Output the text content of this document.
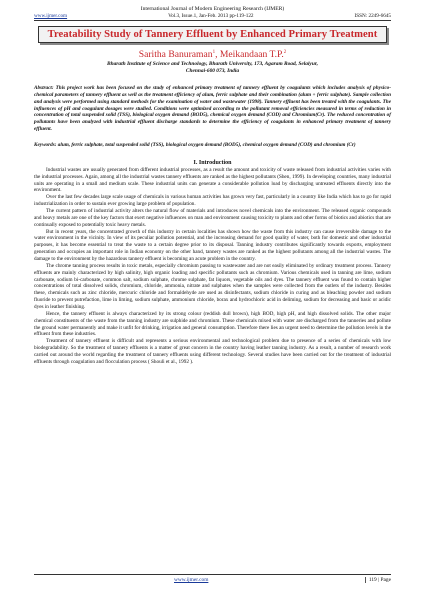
International Journal of Modern Engineering Research (IJMER)
www.ijmer.com	Vol.3, Issue.1, Jan-Feb. 2013 pp-119-122	ISSN: 2249-6645
Treatability Study of Tannery Effluent by Enhanced Primary Treatment
Saritha Banuraman$^1$, Meikandaan T.P.$^2$
Bharath Institute of Science and Technology, Bharath University, 173, Agaram Road, Selaiyur,
Chennai-600 073, India

Abstract: This project work has been focused on the study of enhanced primary treatment of tannery effluent by coagulants which includes analysis of physico-chemical parameters of tannery effluent as well as the treatment efficiency of alum, ferric sulphate and their combination (alum + ferric sulphate). Sample collection and analysis were performed using standard methods for the examination of water and wastewater (1998). Tannery effluent has been treated with the coagulants. The influences of pH and coagulant dosages were studied. Conditions were optimized according to the pollutant removal efficiencies measured in terms of reduction in concentration of total suspended solid (TSS), biological oxygen demand (BOD5), chemical oxygen demand (COD) and Chromium(Cr). The reduced concentration of pollutants have been analyzed with industrial effluent discharge standards to determine the efficiency of coagulants in enhanced primary treatment of tannery effluent.

Keywords: alum, ferric sulphate, total suspended solid (TSS), biological oxygen demand (BOD5), chemical oxygen demand (COD) and chromium (Cr)

I. Introduction

Industrial wastes are usually generated from different industrial processes, as a result the amount and toxicity of waste released from industrial activities varies with the industrial processes. Again, among all the industrial wastes tannery effluents are ranked as the highest pollutants (Shen, 1999). In developing countries, many industrial units are operating in a small and medium scale. These industrial units can generate a considerable pollution load by discharging untreated effluents directly into the environment.

Over the last few decades large scale usage of chemicals in various human activities has grown very fast, particularly in a country like India which has to go for rapid industrialization in order to sustain ever growing large problem of population.

The current pattern of industrial activity alters the natural flow of materials and introduces novel chemicals into the environment. The released organic compounds and heavy metals are one of the key factors that exert negative influences on man and environment causing toxicity to plants and other forms of biotics and abiotics that are continually exposed to potentially toxic heavy metals.

But in recent years, the concentrated growth of this industry in certain localities has shown how the waste from this industry can cause irreversible damage to the water environment in the vicinity. In view of its peculiar pollution potential, and the increasing demand for good quality of water, both for domestic and other industrial purposes, it has become essential to treat the waste to a certain degree prior to its disposal. Tanning industry contributes significantly towards exports, employment generation and occupies an important role in Indian economy on the other hand, tannery wastes are ranked as the highest pollutants among all the industrial wastes. The damage to the environment by the hazardous tannery effluent is becoming an acute problem in the country.

The chrome tanning process results in toxic metals, especially chromium passing to wastewater and are not easily eliminated by ordinary treatment process. Tannery effluents are mainly characterized by high salinity, high organic loading and specific pollutants such as chromium. Various chemicals used in tanning are lime, sodium carbonate, sodium bi-carbonate, common salt, sodium sulphate, chrome sulphate, fat liquors, vegetable oils and dyes. The tannery effluent was found to contain higher concentrations of total dissolved solids, chromium, chloride, ammonia, nitrate and sulphates when the samples were collected from the outlets of the industry. Besides these, chemicals such as zinc chloride, mercuric chloride and formaldehyde are used as disinfectants, sodium chloride in curing and as bleaching powder and sodium fluoride to prevent putrefaction, lime in liming, sodium sulphate, ammonium chloride, borax and hydrochloric acid in deliming, sodium for decreasing and basic or acidic dyes in leather finishing.

Hence, the tannery effluent is always characterized by its strong colour (reddish dull brown), high BOD, high pH, and high dissolved solids. The other major chemical constituents of the waste from the tanning industry are sulphide and chromium. These chemicals mixed with water are discharged from the tanneries and pollute the ground water permanently and make it unfit for drinking, irrigation and general consumption. Therefore there lies an urgent need to determine the pollution levels in the effluent from these industries.

Treatment of tannery effluent is difficult and represents a serious environmental and technological problem due to presence of a series of chemicals with low biodegradability. So the treatment of tannery effluents is a matter of great concern in the country having leather tanning industry. As a result, a number of research work carried out around the world regarding the treatment of tannery effluents using different technology. Several studies have been carried out for the treatment of industrial effluents through coagulation and flocculation process ( Shouli et al., 1992 ).

www.ijmer.com	119 | Page
